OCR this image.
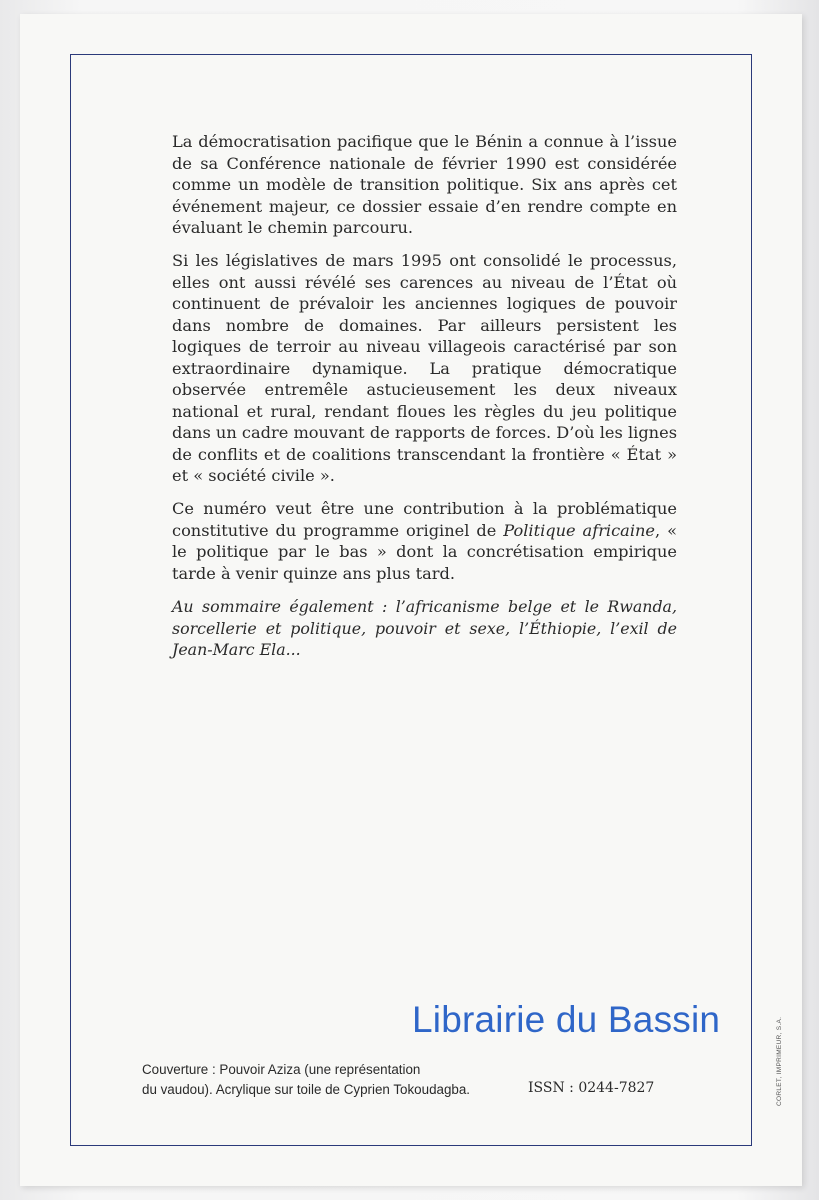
La démocratisation pacifique que le Bénin a connue à l’issue de sa Conférence nationale de février 1990 est considérée comme un modèle de transition politique. Six ans après cet événement majeur, ce dossier essaie d’en rendre compte en évaluant le chemin parcouru.

Si les législatives de mars 1995 ont consolidé le processus, elles ont aussi révélé ses carences au niveau de l’État où continuent de prévaloir les anciennes logiques de pouvoir dans nombre de domaines. Par ailleurs persistent les logiques de terroir au niveau villageois caractérisé par son extraordinaire dynamique. La pratique démocratique observée entremêle astucieusement les deux niveaux national et rural, rendant floues les règles du jeu politique dans un cadre mouvant de rapports de forces. D’où les lignes de conflits et de coalitions transcendant la frontière « État » et « société civile ».

Ce numéro veut être une contribution à la problématique constitutive du programme originel de Politique africaine, « le politique par le bas » dont la concrétisation empirique tarde à venir quinze ans plus tard.

Au sommaire également : l’africanisme belge et le Rwanda, sorcellerie et politique, pouvoir et sexe, l’Éthiopie, l’exil de Jean-Marc Ela...

Librairie du Bassin
Couverture : Pouvoir Aziza (une représentation
du vaudou). Acrylique sur toile de Cyprien Tokoudagba.	ISSN : 0244-7827	CORLET, IMPRIMEUR, S.A.
